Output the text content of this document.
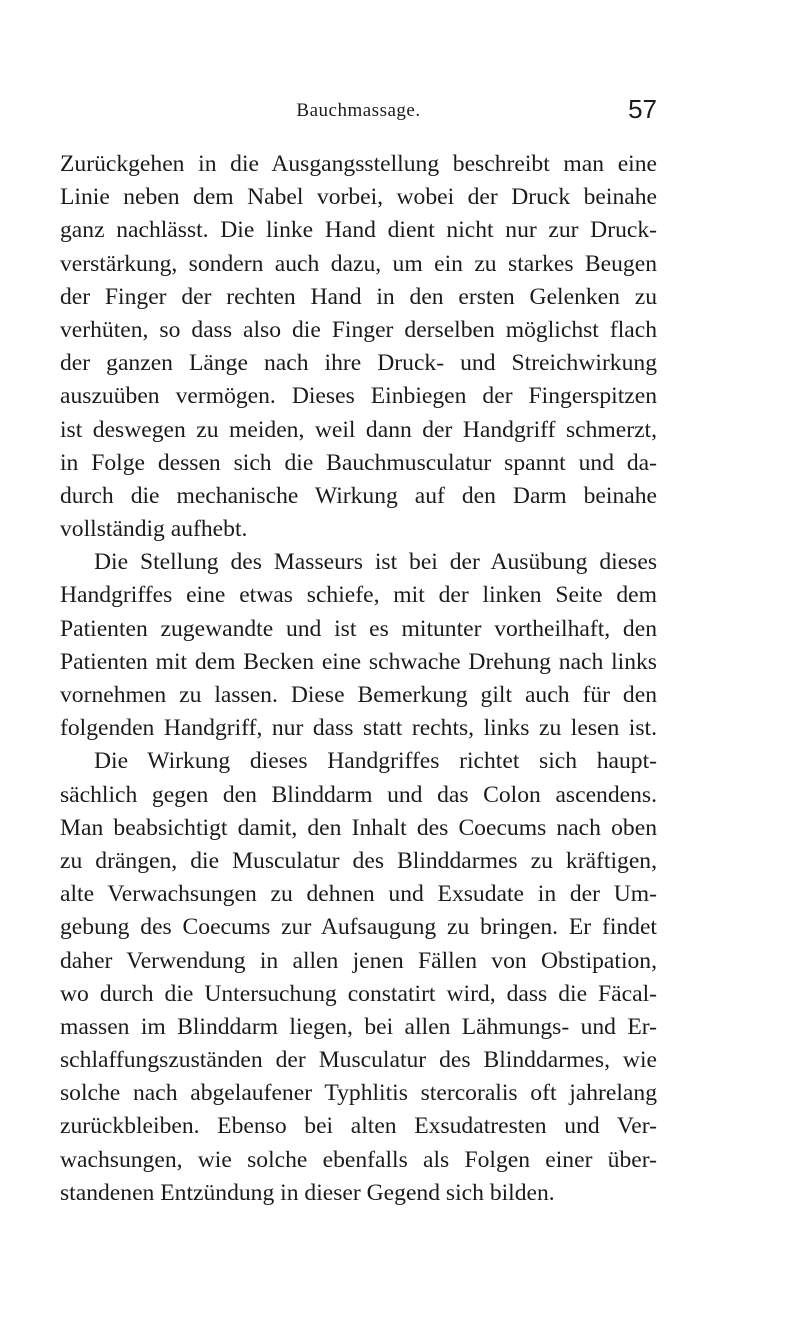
Bauchmassage.	57
Zurückgehen in die Ausgangsstellung beschreibt man eine
Linie neben dem Nabel vorbei, wobei der Druck beinahe
ganz nachlässt. Die linke Hand dient nicht nur zur Druck-
verstärkung, sondern auch dazu, um ein zu starkes Beugen
der Finger der rechten Hand in den ersten Gelenken zu
verhüten, so dass also die Finger derselben möglichst flach
der ganzen Länge nach ihre Druck- und Streichwirkung
auszuüben vermögen. Dieses Einbiegen der Fingerspitzen
ist deswegen zu meiden, weil dann der Handgriff schmerzt,
in Folge dessen sich die Bauchmusculatur spannt und da-
durch die mechanische Wirkung auf den Darm beinahe
vollständig aufhebt.
Die Stellung des Masseurs ist bei der Ausübung dieses
Handgriffes eine etwas schiefe, mit der linken Seite dem
Patienten zugewandte und ist es mitunter vortheilhaft, den
Patienten mit dem Becken eine schwache Drehung nach links
vornehmen zu lassen. Diese Bemerkung gilt auch für den
folgenden Handgriff, nur dass statt rechts, links zu lesen ist.
Die Wirkung dieses Handgriffes richtet sich haupt-
sächlich gegen den Blinddarm und das Colon ascendens.
Man beabsichtigt damit, den Inhalt des Coecums nach oben
zu drängen, die Musculatur des Blinddarmes zu kräftigen,
alte Verwachsungen zu dehnen und Exsudate in der Um-
gebung des Coecums zur Aufsaugung zu bringen. Er findet
daher Verwendung in allen jenen Fällen von Obstipation,
wo durch die Untersuchung constatirt wird, dass die Fäcal-
massen im Blinddarm liegen, bei allen Lähmungs- und Er-
schlaffungszuständen der Musculatur des Blinddarmes, wie
solche nach abgelaufener Typhlitis stercoralis oft jahrelang
zurückbleiben. Ebenso bei alten Exsudatresten und Ver-
wachsungen, wie solche ebenfalls als Folgen einer über-
standenen Entzündung in dieser Gegend sich bilden.
